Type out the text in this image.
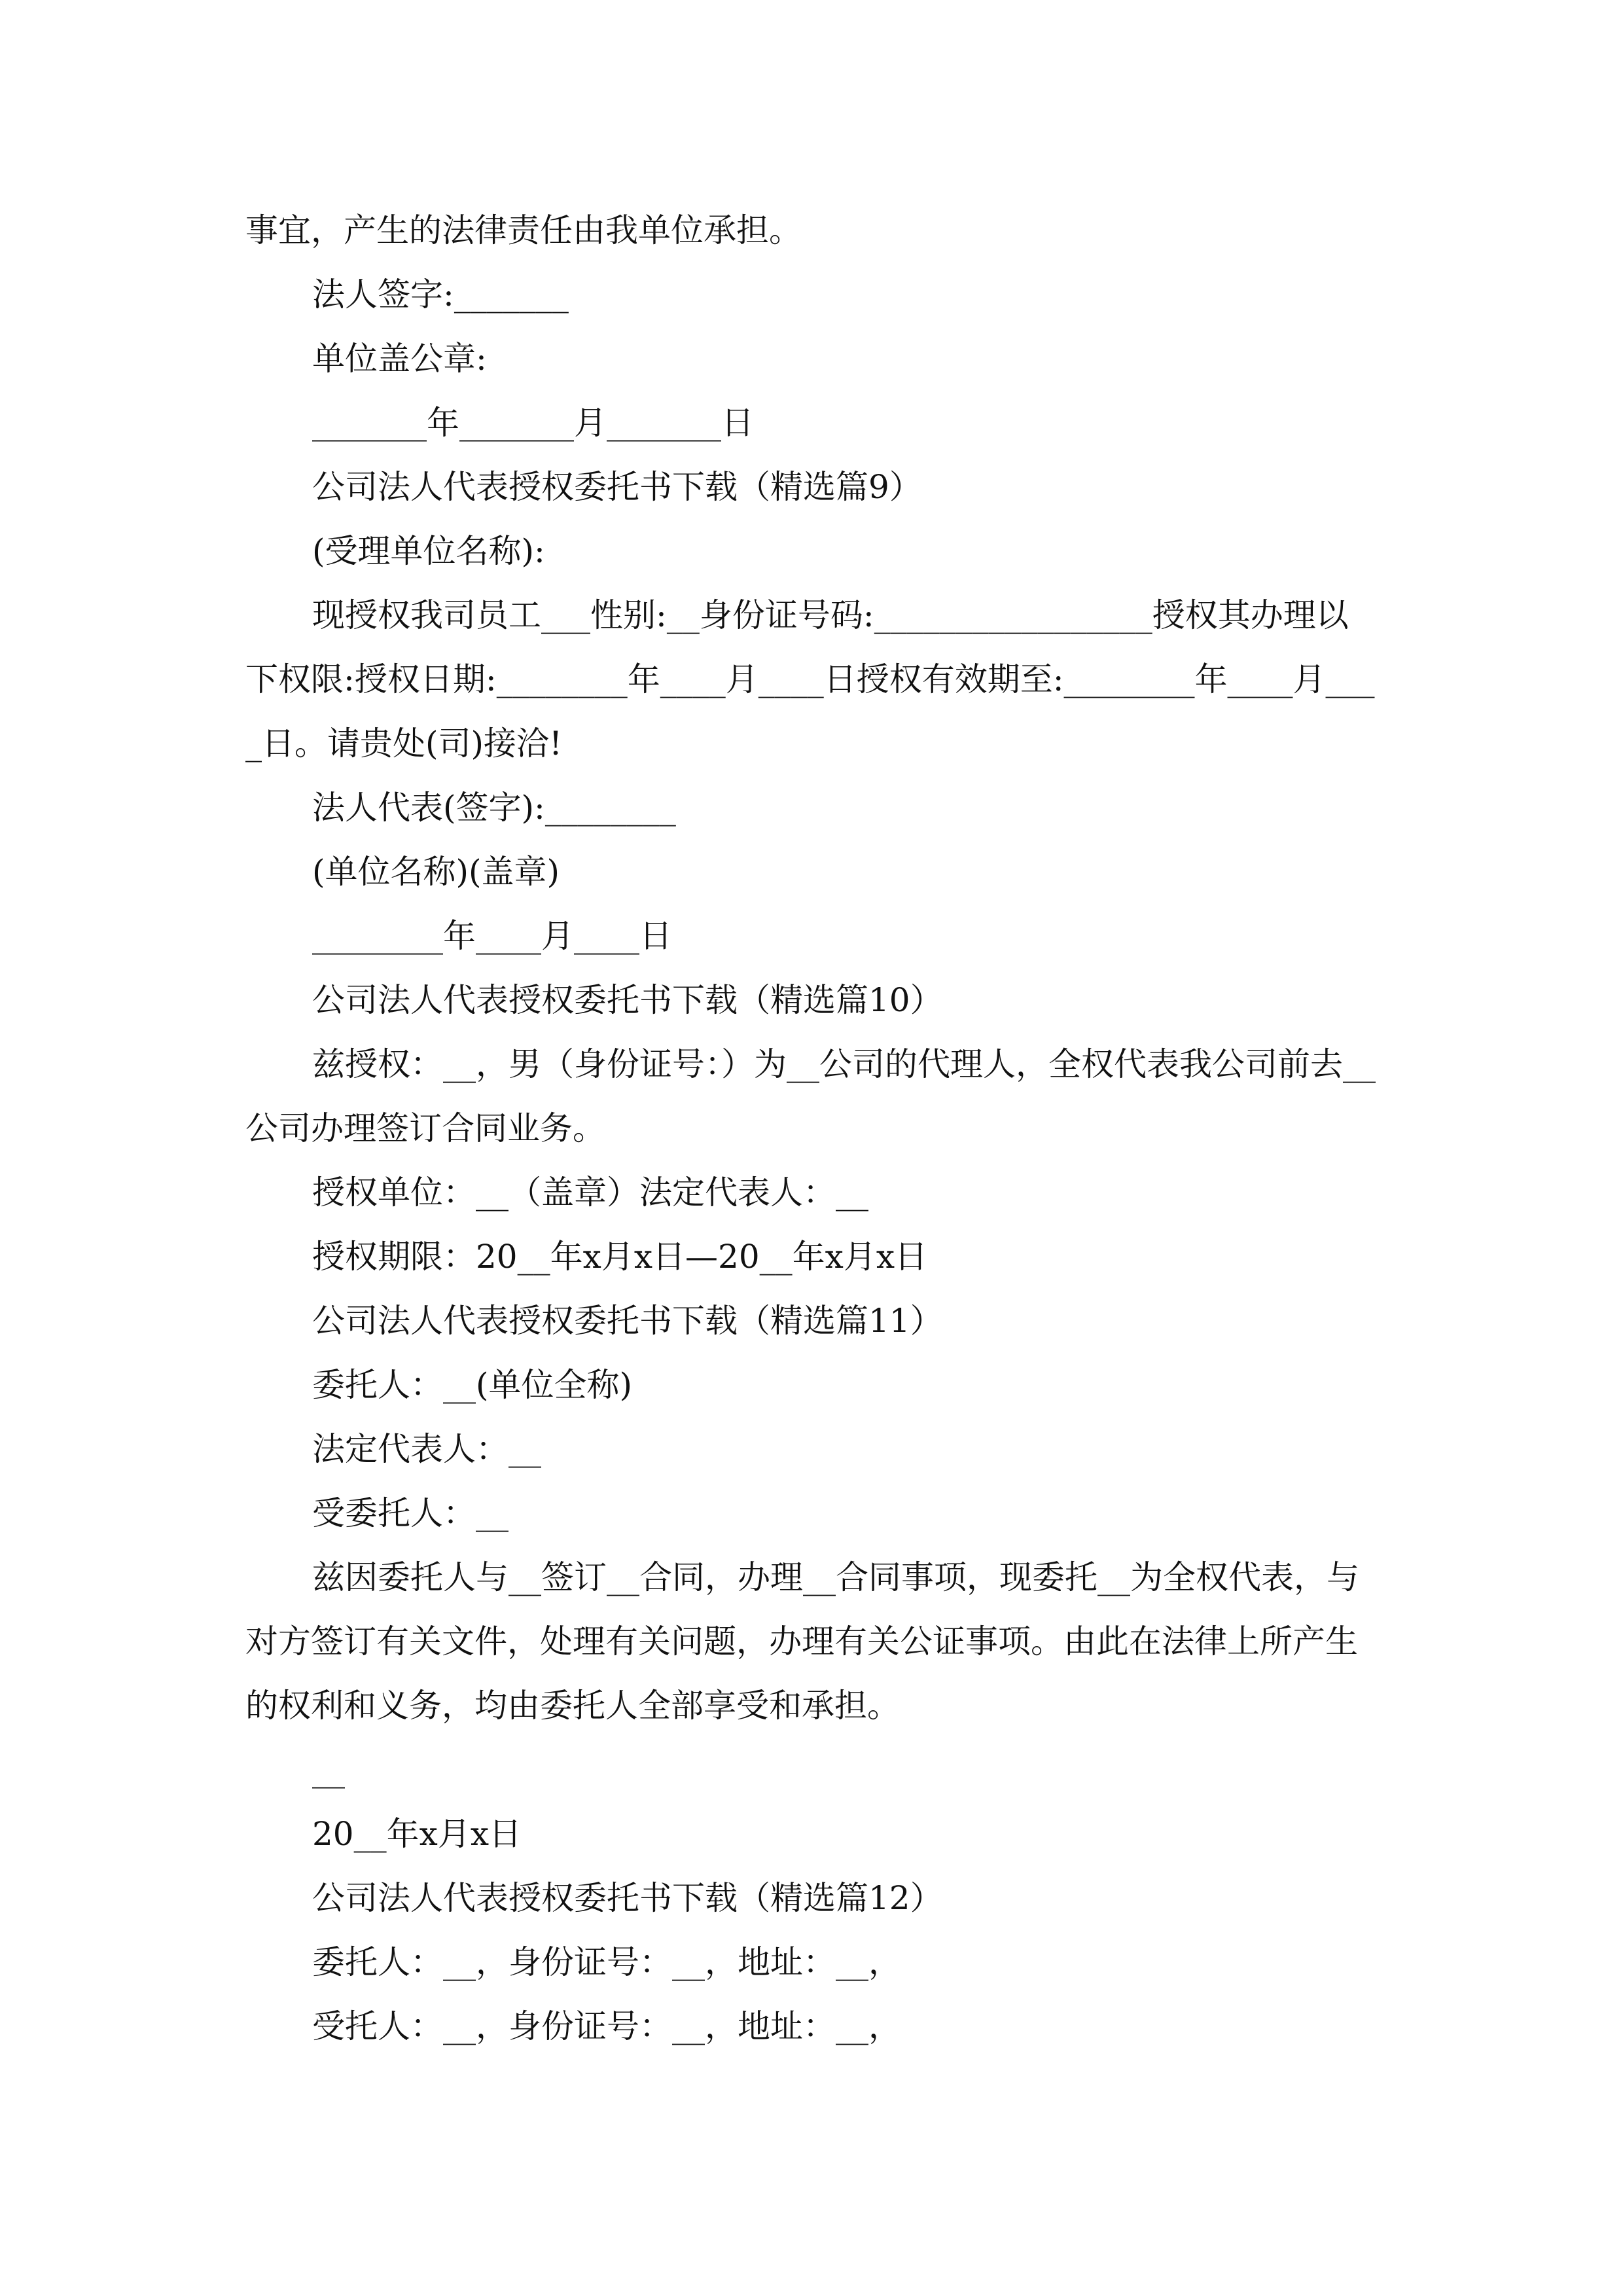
事宜，产生的法律责任由我单位承担。

法人签字:_______

单位盖公章:

_______年_______月_______日

公司法人代表授权委托书下载（精选篇9）

(受理单位名称):

现授权我司员工___性别:__身份证号码:_________________授权其办理以下权限:授权日期:________年____月____日授权有效期至:________年____月____日。请贵处(司)接洽!

法人代表(签字):________

(单位名称)(盖章)

________年____月____日

公司法人代表授权委托书下载（精选篇10）

兹授权：__，男（身份证号：）为__公司的代理人，全权代表我公司前去__公司办理签订合同业务。

授权单位：__（盖章）法定代表人：__

授权期限：20__年x月x日—20__年x月x日

公司法人代表授权委托书下载（精选篇11）

委托人：__(单位全称)

法定代表人：__

受委托人：__

兹因委托人与__签订__合同，办理__合同事项，现委托__为全权代表，与对方签订有关文件，处理有关问题，办理有关公证事项。由此在法律上所产生的权利和义务，均由委托人全部享受和承担。

__

20__年x月x日

公司法人代表授权委托书下载（精选篇12）

委托人：__，身份证号：__，地址：__，

受托人：__，身份证号：__，地址：__，
